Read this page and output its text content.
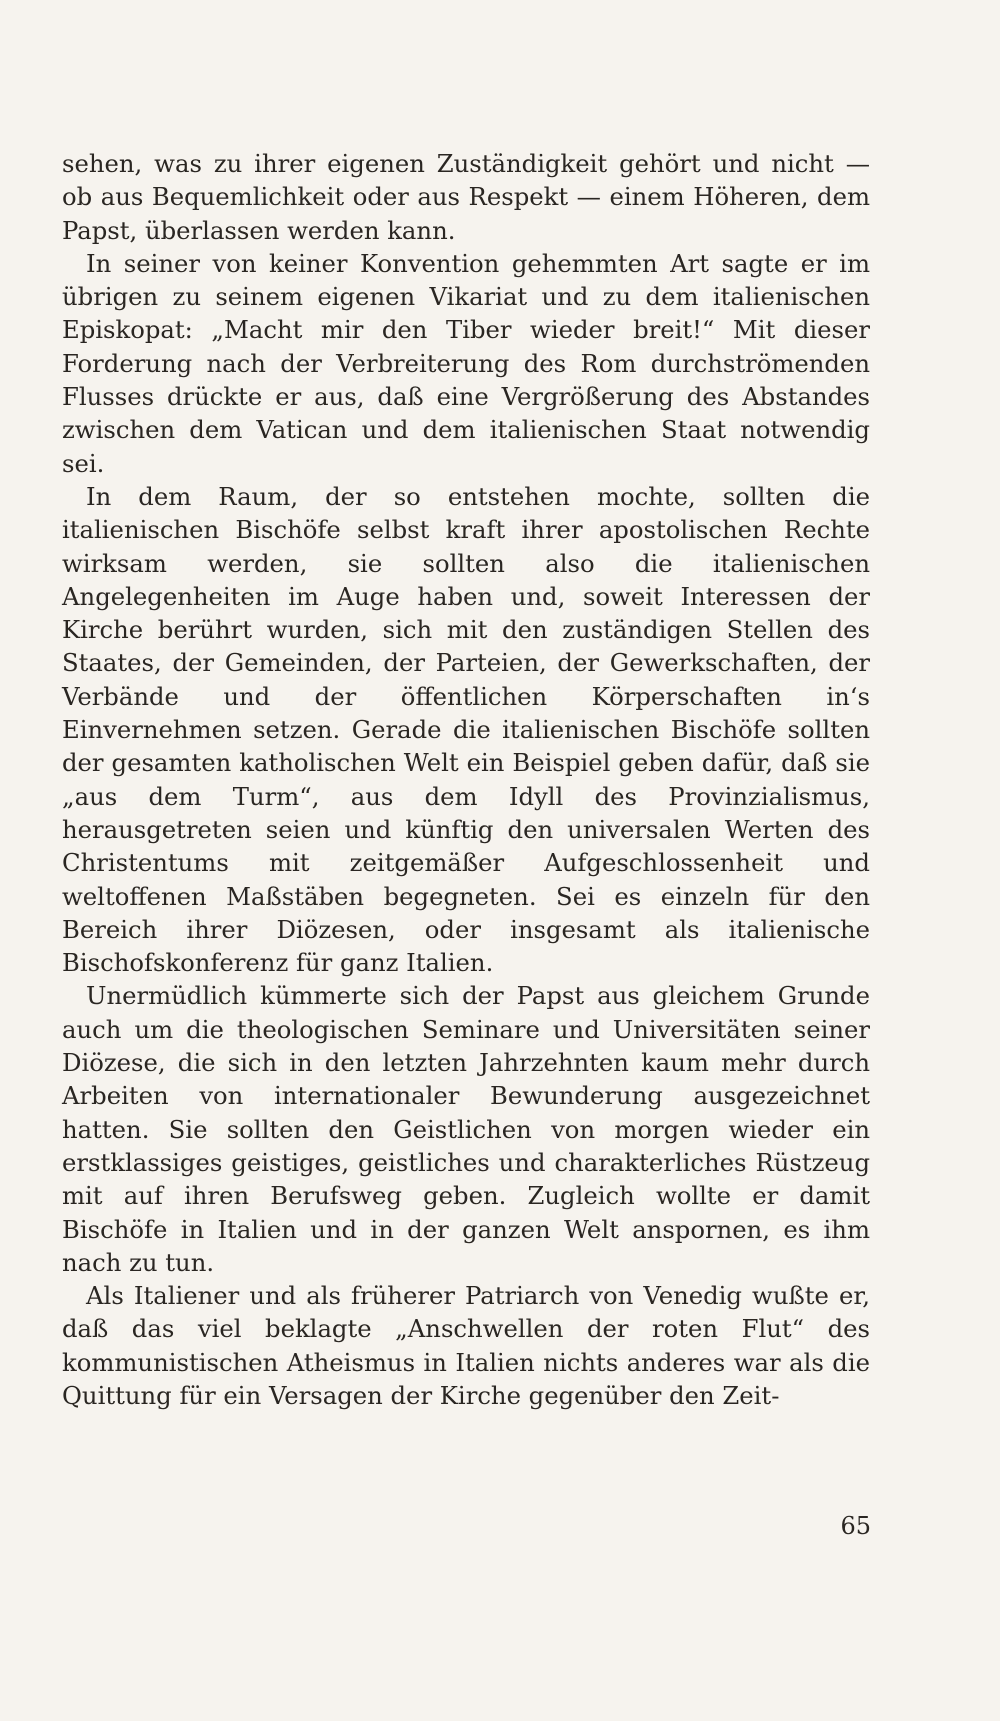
sehen, was zu ihrer eigenen Zuständigkeit gehört und nicht — ob aus Bequemlichkeit oder aus Respekt — einem Höheren, dem Papst, überlassen werden kann.

In seiner von keiner Konvention gehemmten Art sagte er im übrigen zu seinem eigenen Vikariat und zu dem italienischen Episkopat: „Macht mir den Tiber wieder breit!“ Mit dieser Forderung nach der Verbreiterung des Rom durchströmenden Flusses drückte er aus, daß eine Vergrößerung des Abstandes zwischen dem Vatican und dem italienischen Staat notwendig sei.

In dem Raum, der so entstehen mochte, sollten die italienischen Bischöfe selbst kraft ihrer apostolischen Rechte wirksam werden, sie sollten also die italienischen Angelegenheiten im Auge haben und, soweit Interessen der Kirche berührt wurden, sich mit den zuständigen Stellen des Staates, der Gemeinden, der Parteien, der Gewerkschaften, der Verbände und der öffentlichen Körperschaften in‘s Einvernehmen setzen. Gerade die italienischen Bischöfe sollten der gesamten katholischen Welt ein Beispiel geben dafür, daß sie „aus dem Turm“, aus dem Idyll des Provinzialismus, herausgetreten seien und künftig den universalen Werten des Christentums mit zeitgemäßer Aufgeschlossenheit und weltoffenen Maßstäben begegneten. Sei es einzeln für den Bereich ihrer Diözesen, oder insgesamt als italienische Bischofskonferenz für ganz Italien.

Unermüdlich kümmerte sich der Papst aus gleichem Grunde auch um die theologischen Seminare und Universitäten seiner Diözese, die sich in den letzten Jahrzehnten kaum mehr durch Arbeiten von internationaler Bewunderung ausgezeichnet hatten. Sie sollten den Geistlichen von morgen wieder ein erstklassiges geistiges, geistliches und charakterliches Rüstzeug mit auf ihren Berufsweg geben. Zugleich wollte er damit Bischöfe in Italien und in der ganzen Welt anspornen, es ihm nach zu tun.

Als Italiener und als früherer Patriarch von Venedig wußte er, daß das viel beklagte „Anschwellen der roten Flut“ des kommunistischen Atheismus in Italien nichts anderes war als die Quittung für ein Versagen der Kirche gegenüber den Zeit-

65
